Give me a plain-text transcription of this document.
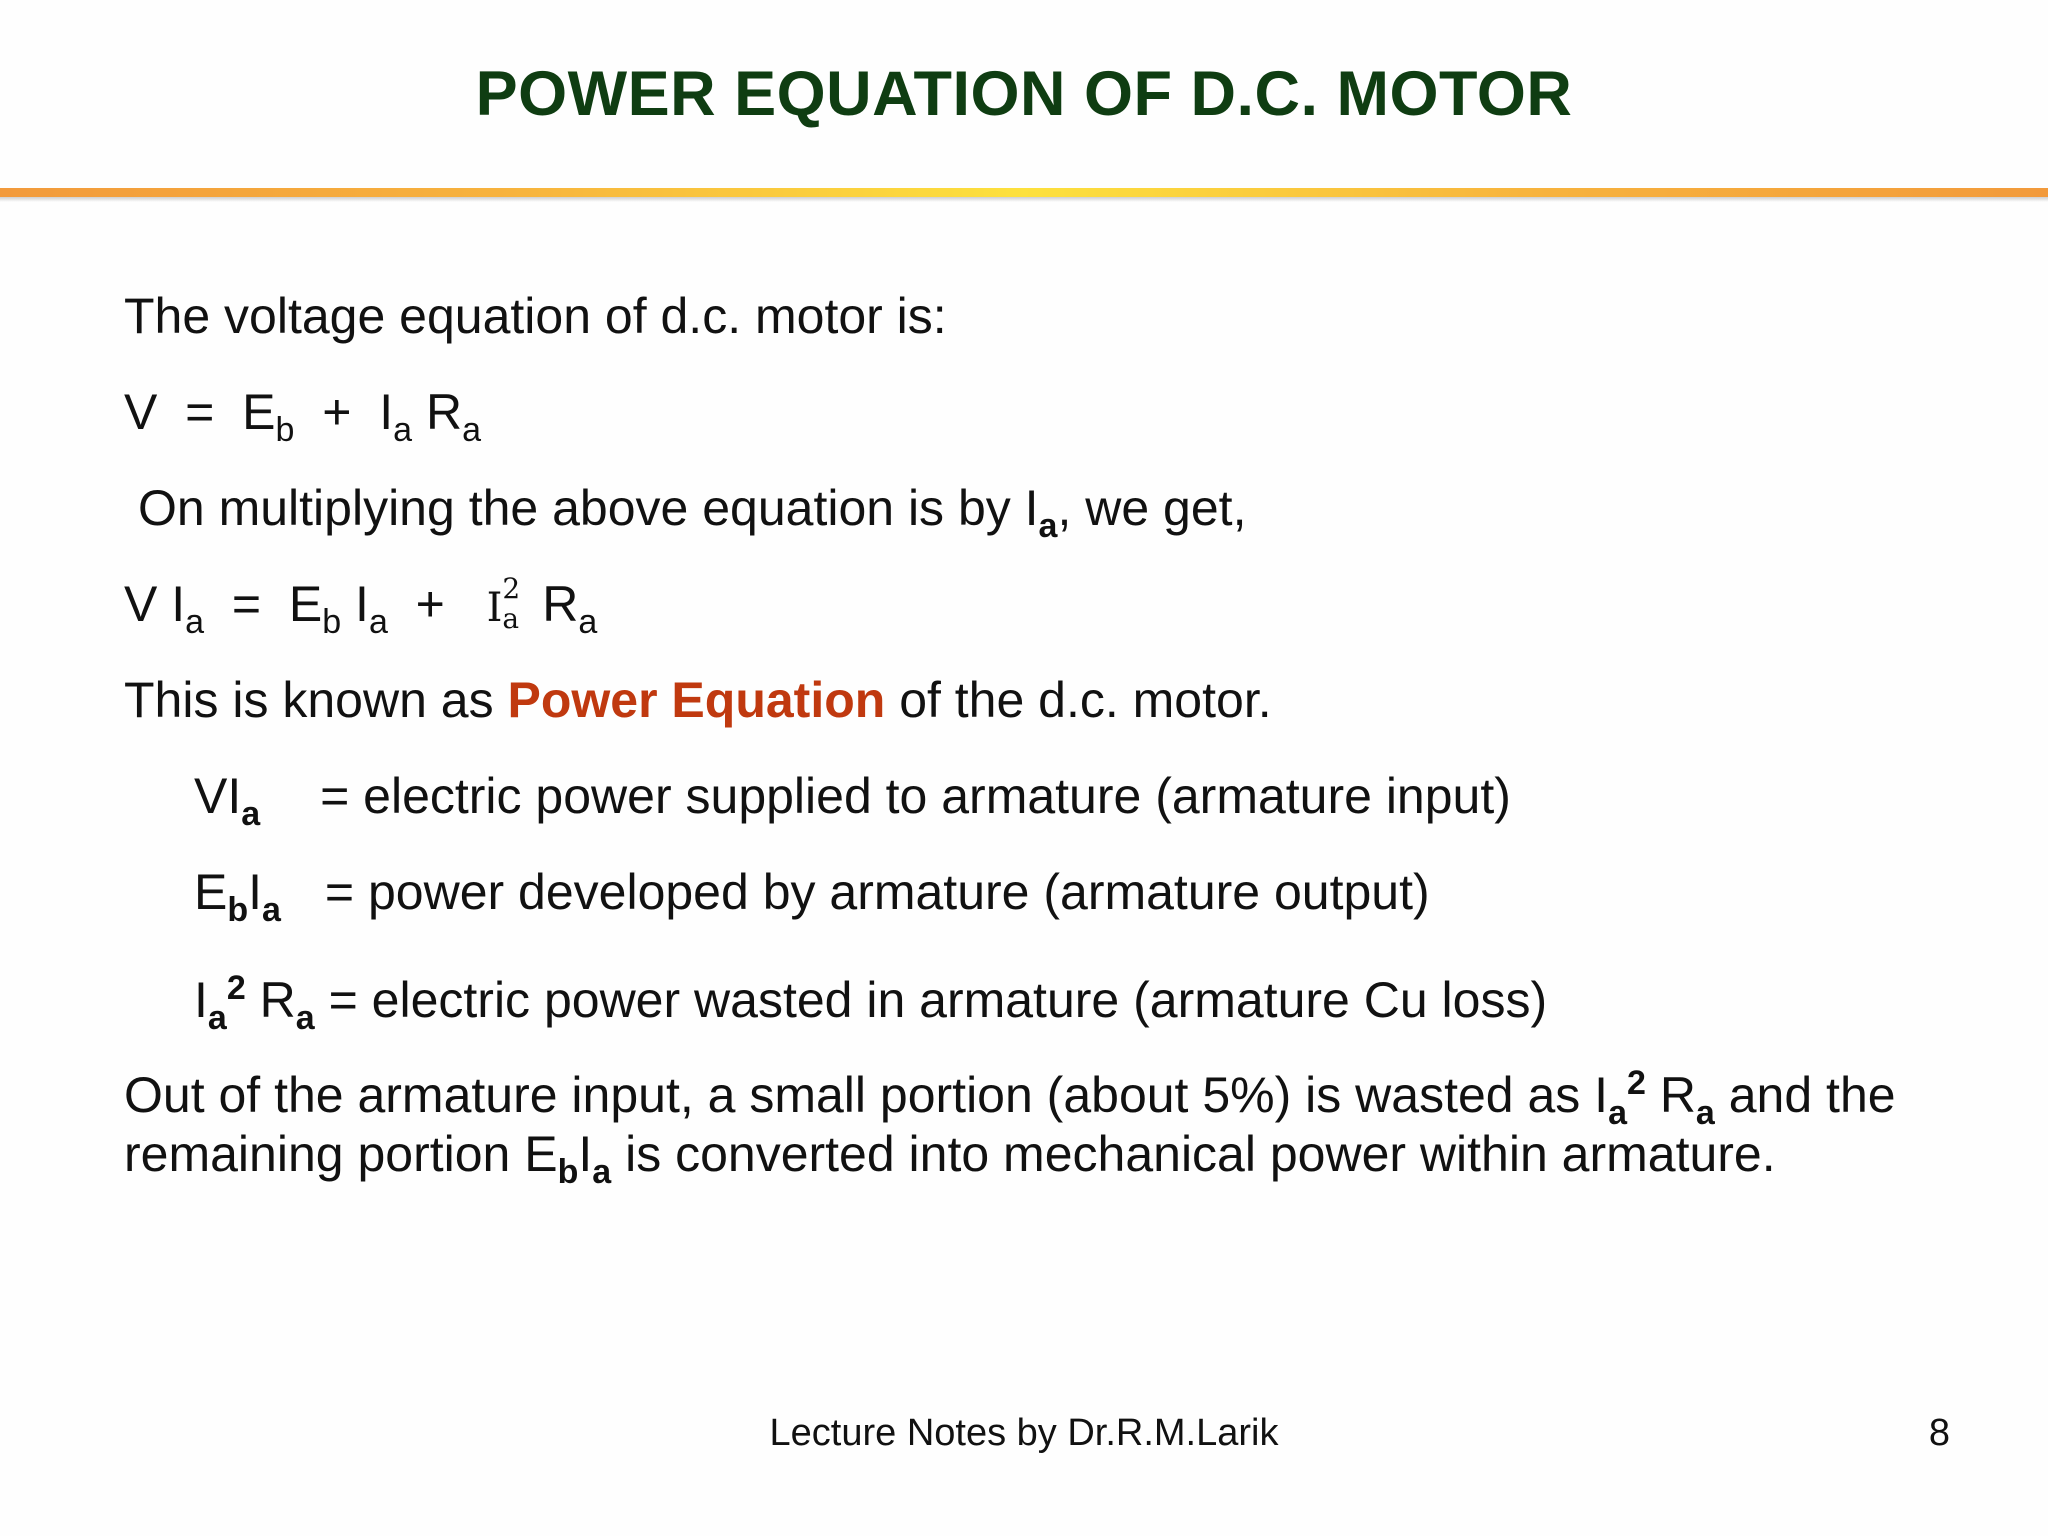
POWER EQUATION OF D.C. MOTOR
The voltage equation of d.c. motor is:
$V = E_b + I_a$ $R_a$
On multiplying the above equation is by $I_a$, we get,
V $I_a = E_b$ $I_a + I$ 2
a $R_a$
This is known as Power Equation of the d.c. motor.
$VI_a$ = electric power supplied to armature (armature input)
$E_bI_a$ = power developed by armature (armature output)
$I_a^2$ $R_a$ = electric power wasted in armature (armature Cu loss)
Out of the armature input, a small portion (about 5%) is wasted as $I_a^2$ $R_a$ and the
remaining portion $E_bI_a$ is converted into mechanical power within armature.
Lecture Notes by Dr.R.M.Larik	8
